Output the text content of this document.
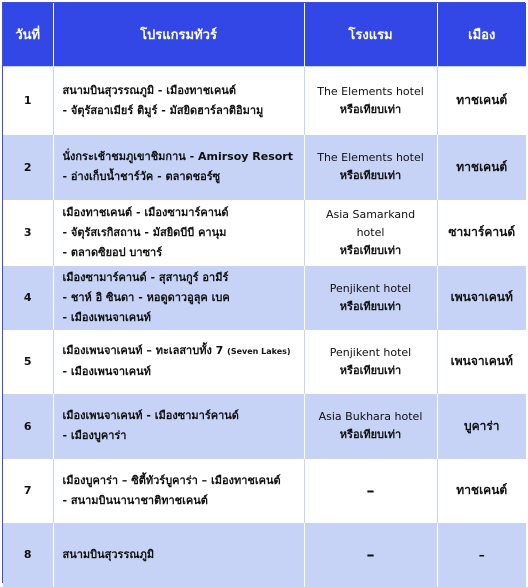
วันที่	โปรแกรมทัวร์	โรงแรม	เมือง
1	สนามบินสุวรรณภูมิ - เมืองทาชเคนต์
- จัตุรัสอาเมียร์ ติมูร์ - มัสยิดฮาร์ลาติอิมามู	The Elements hotel
หรือเทียบเท่า	ทาชเคนต์
2	นั่งกระเช้าชมภูเขาชิมกาน - Amirsoy Resort
- อ่างเก็บน้ำชาร์วัค - ตลาดชอร์ซู	The Elements hotel
หรือเทียบเท่า	ทาชเคนต์
3	เมืองทาชเคนต์ - เมืองซามาร์คานด์
- จัตุรัสเรกิสถาน - มัสยิดบีบี คานุม
- ตลาดซิยอป บาซาร์	Asia Samarkand hotel
หรือเทียบเท่า	ซามาร์คานด์
4	เมืองซามาร์คานด์ - สุสานกูร์ อามีร์
- ชาห์ อิ ซินดา - หอดูดาวอูลุค เบค
- เมืองเพนจาเคนท์	Penjikent hotel
หรือเทียบเท่า	เพนจาเคนท์
5	เมืองเพนจาเคนท์ – ทะเลสาบทั้ง 7 (Seven Lakes)
- เมืองเพนจาเคนท์	Penjikent hotel
หรือเทียบเท่า	เพนจาเคนท์
6	เมืองเพนจาเคนท์ - เมืองซามาร์คานด์
- เมืองบูคาร่า	Asia Bukhara hotel
หรือเทียบเท่า	บูคาร่า
7	เมืองบูคาร่า – ซิตี้ทัวร์บูคาร่า – เมืองทาชเคนต์
- สนามบินนานาชาติทาชเคนต์	–	ทาชเคนต์
8	สนามบินสุวรรณภูมิ	–	–
